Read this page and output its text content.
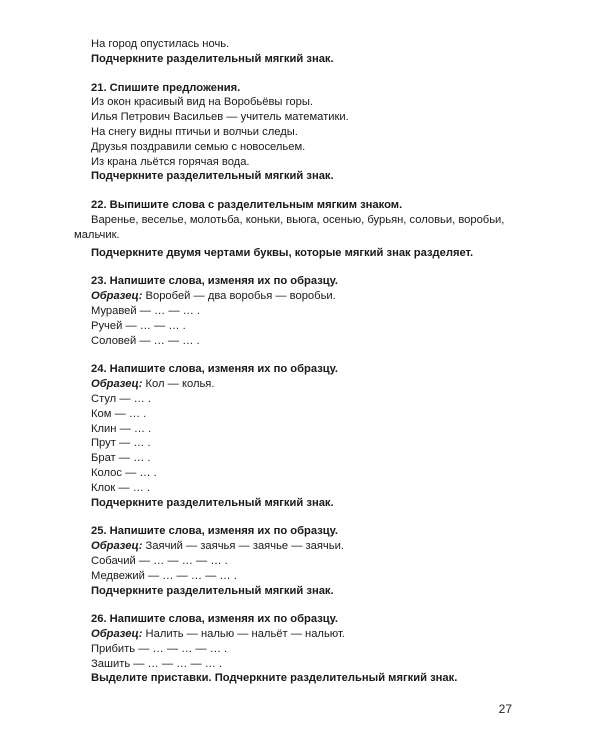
На город опустилась ночь.

Подчеркните разделительный мягкий знак.

21. Спишите предложения.

Из окон красивый вид на Воробьёвы горы.

Илья Петрович Васильев — учитель математики.

На снегу видны птичьи и волчьи следы.

Друзья поздравили семью с новосельем.

Из крана льётся горячая вода.

Подчеркните разделительный мягкий знак.

22. Выпишите слова с разделительным мягким знаком.

Варенье, веселье, молотьба, коньки, вьюга, осенью, бурьян, соловьи, воробьи, мальчик.

Подчеркните двумя чертами буквы, которые мягкий знак разделяет.

23. Напишите слова, изменяя их по образцу.

Образец: Воробей — два воробья — воробьи.

Муравей — … — … .

Ручей — … — … .

Соловей — … — … .

24. Напишите слова, изменяя их по образцу.

Образец: Кол — колья.

Стул — … .

Ком — … .

Клин — … .

Прут — … .

Брат — … .

Колос — … .

Клок — … .

Подчеркните разделительный мягкий знак.

25. Напишите слова, изменяя их по образцу.

Образец: Заячий — заячья — заячье — заячьи.

Собачий — … — … — … .

Медвежий — … — … — … .

Подчеркните разделительный мягкий знак.

26. Напишите слова, изменяя их по образцу.

Образец: Налить — налью — нальёт — нальют.

Прибить — … — … — … .

Зашить — … — … — … .

Выделите приставки. Подчеркните разделительный мягкий знак.

27
